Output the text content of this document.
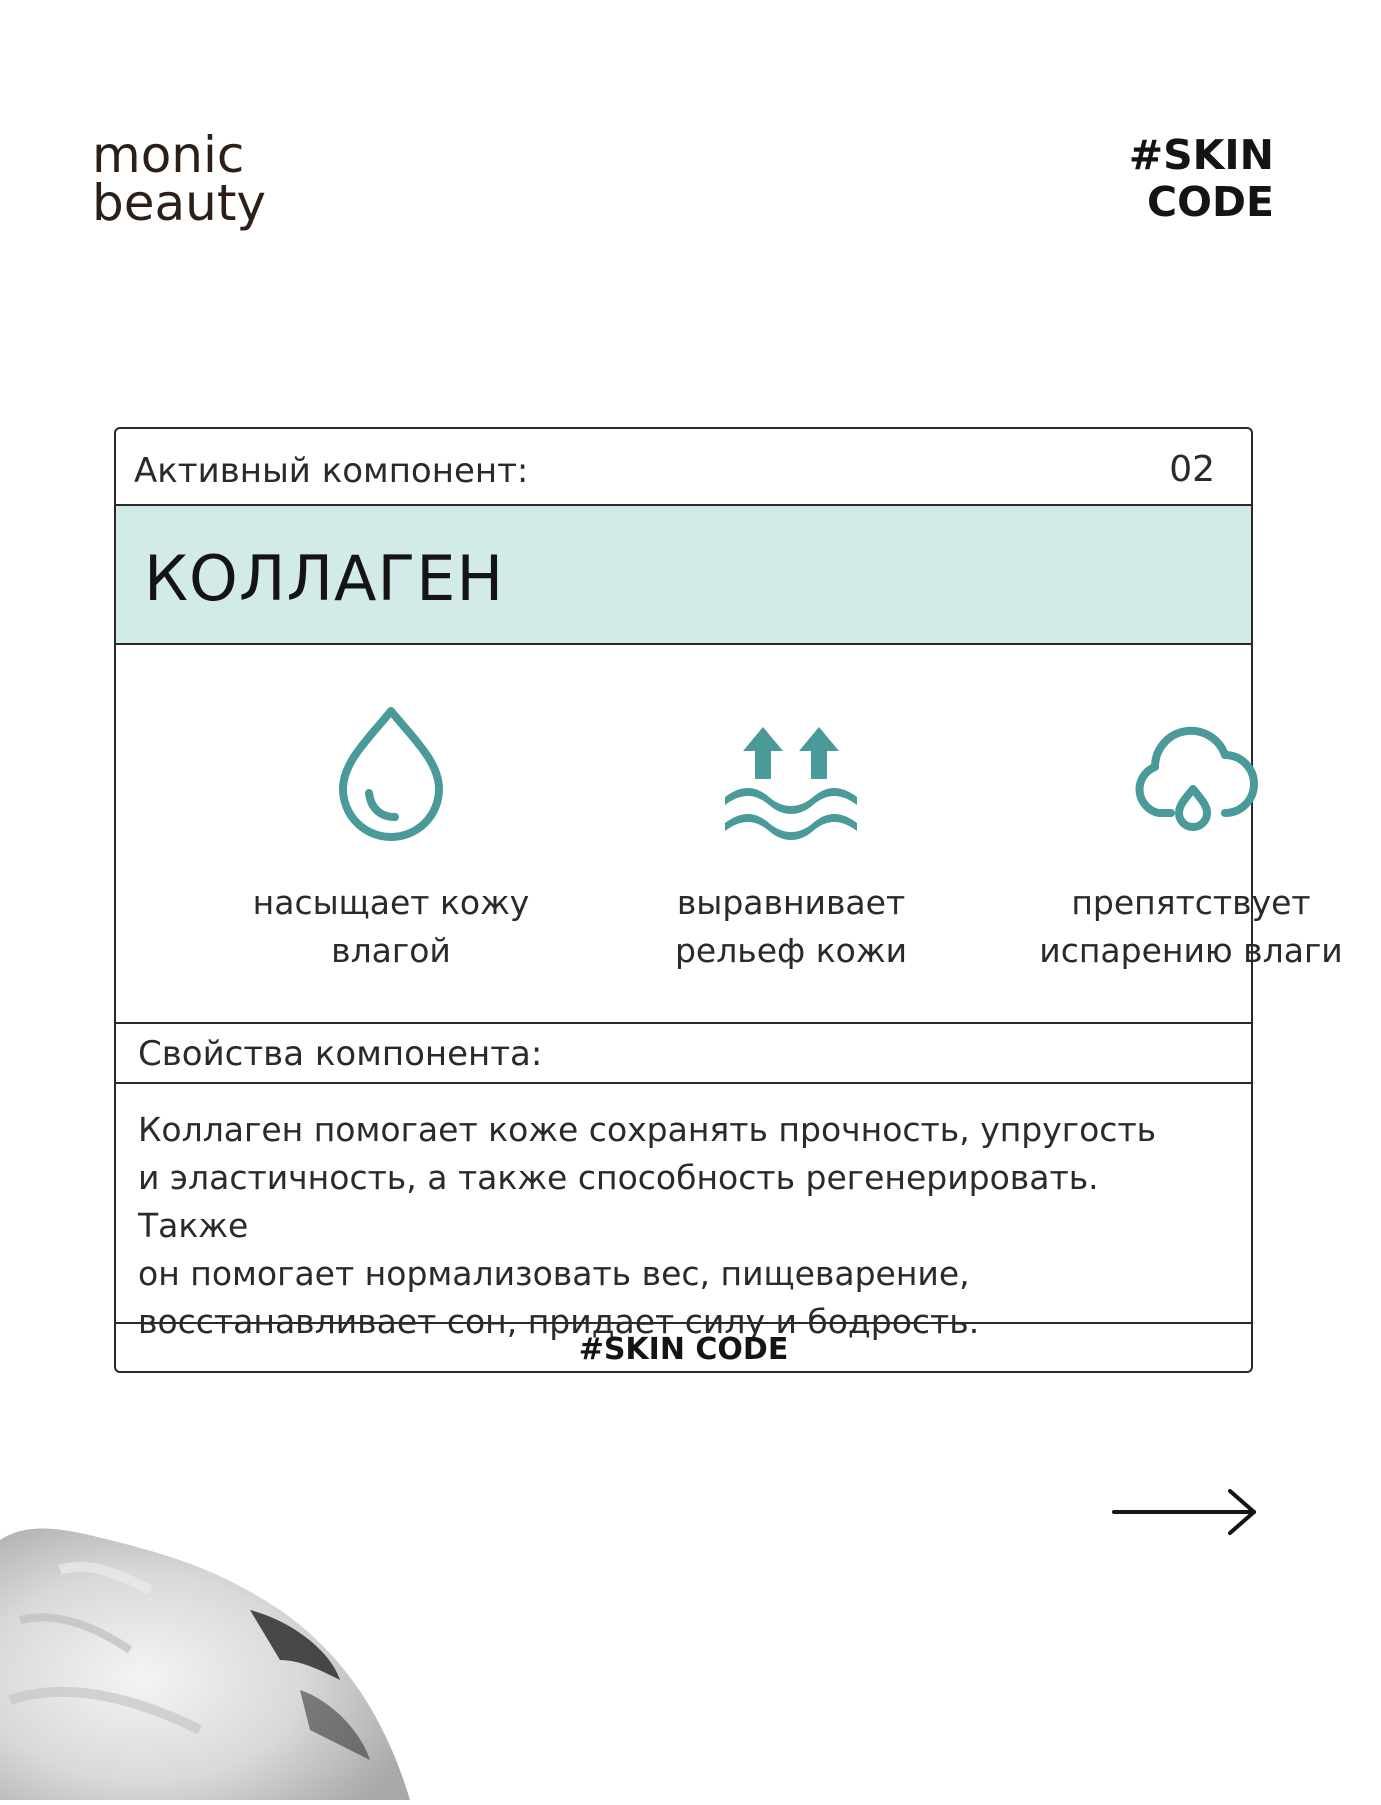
monic
beauty
#SKIN
CODE
Активный компонент:	02
КОЛЛАГЕН
насыщает кожу
влагой
выравнивает
рельеф кожи
препятствует
испарению влаги
Свойства компонента:
Коллаген помогает коже сохранять прочность, упругость
и эластичность, а также способность регенерировать. Также
он помогает нормализовать вес, пищеварение,
восстанавливает сон, придает силу и бодрость.
#SKIN CODE
